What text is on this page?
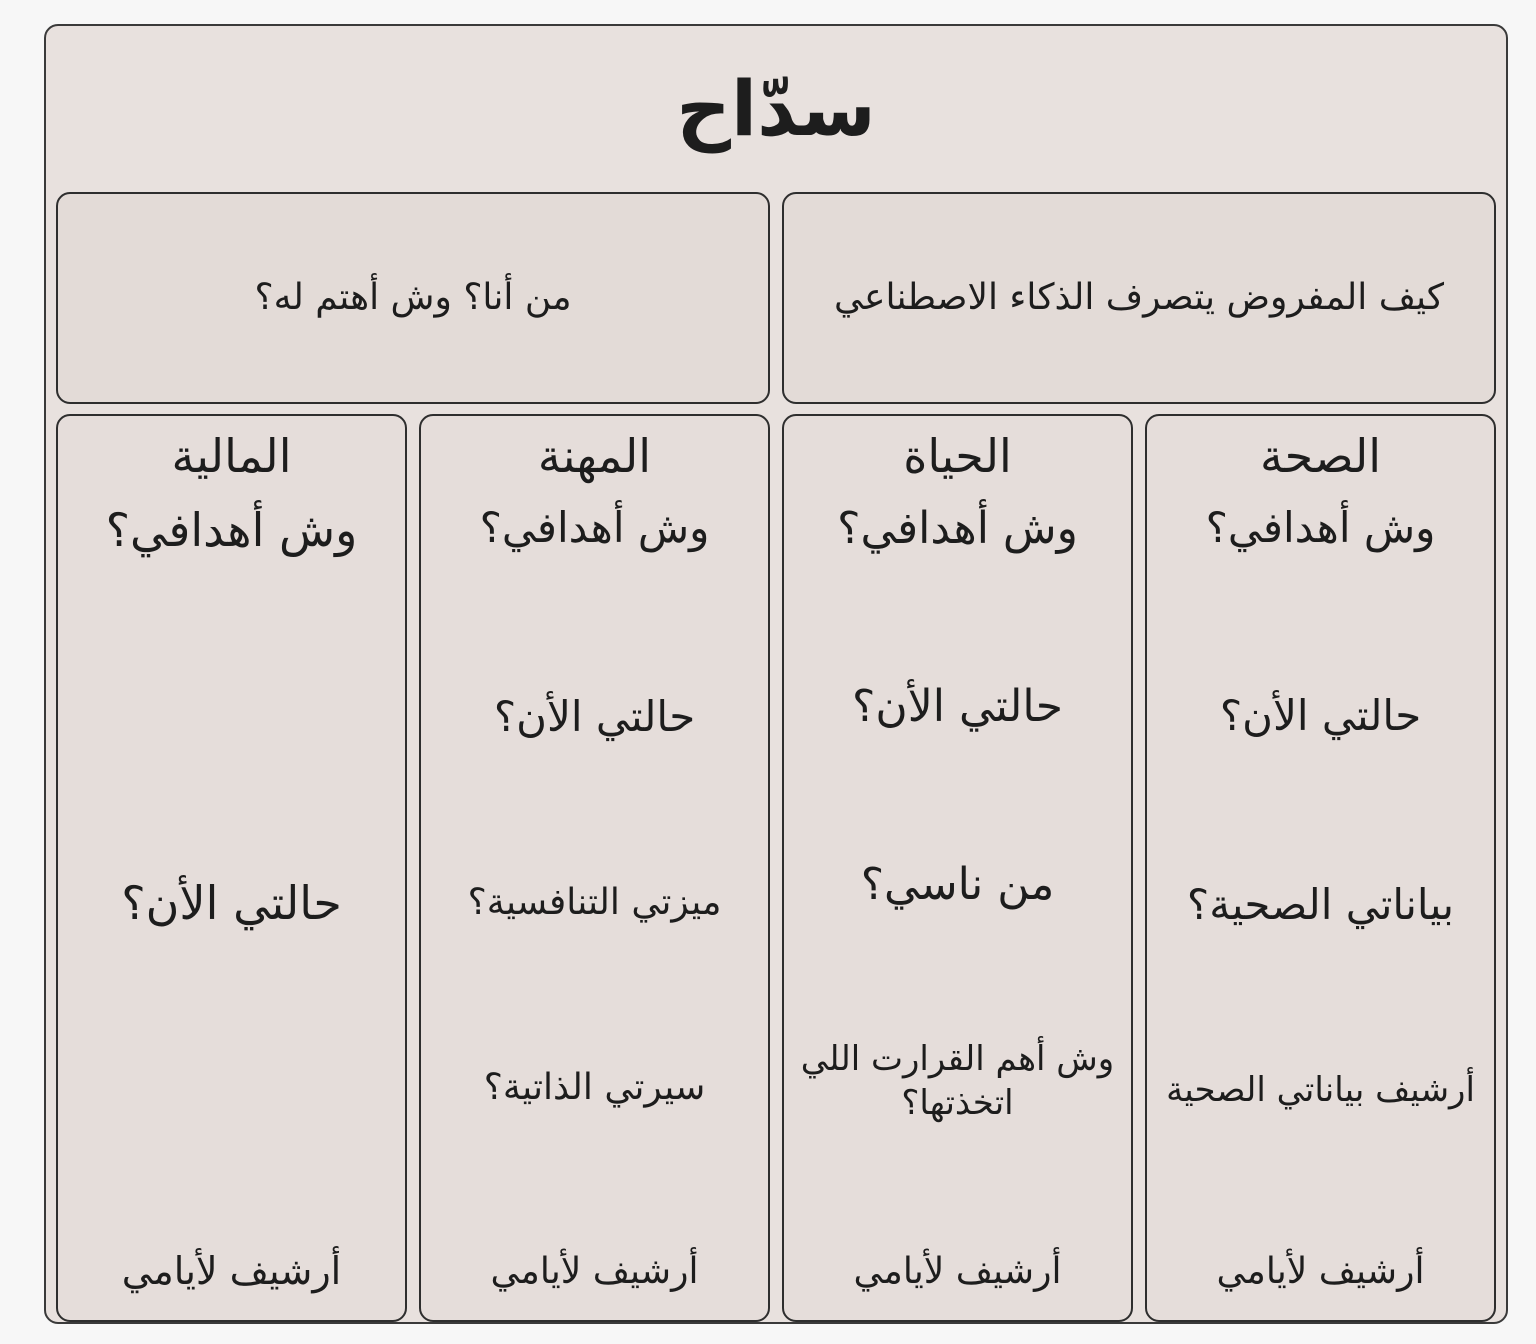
سدّاح
كيف المفروض يتصرف الذكاء الاصطناعي
من أنا؟ وش أهتم له؟
الصحة
وش أهدافي؟
حالتي الأن؟
بياناتي الصحية؟
أرشيف بياناتي الصحية
أرشيف لأيامي
الحياة
وش أهدافي؟
حالتي الأن؟
من ناسي؟
وش أهم القرارت اللي اتخذتها؟
أرشيف لأيامي
المهنة
وش أهدافي؟
حالتي الأن؟
ميزتي التنافسية؟
سيرتي الذاتية؟
أرشيف لأيامي
المالية
وش أهدافي؟
حالتي الأن؟
أرشيف لأيامي
